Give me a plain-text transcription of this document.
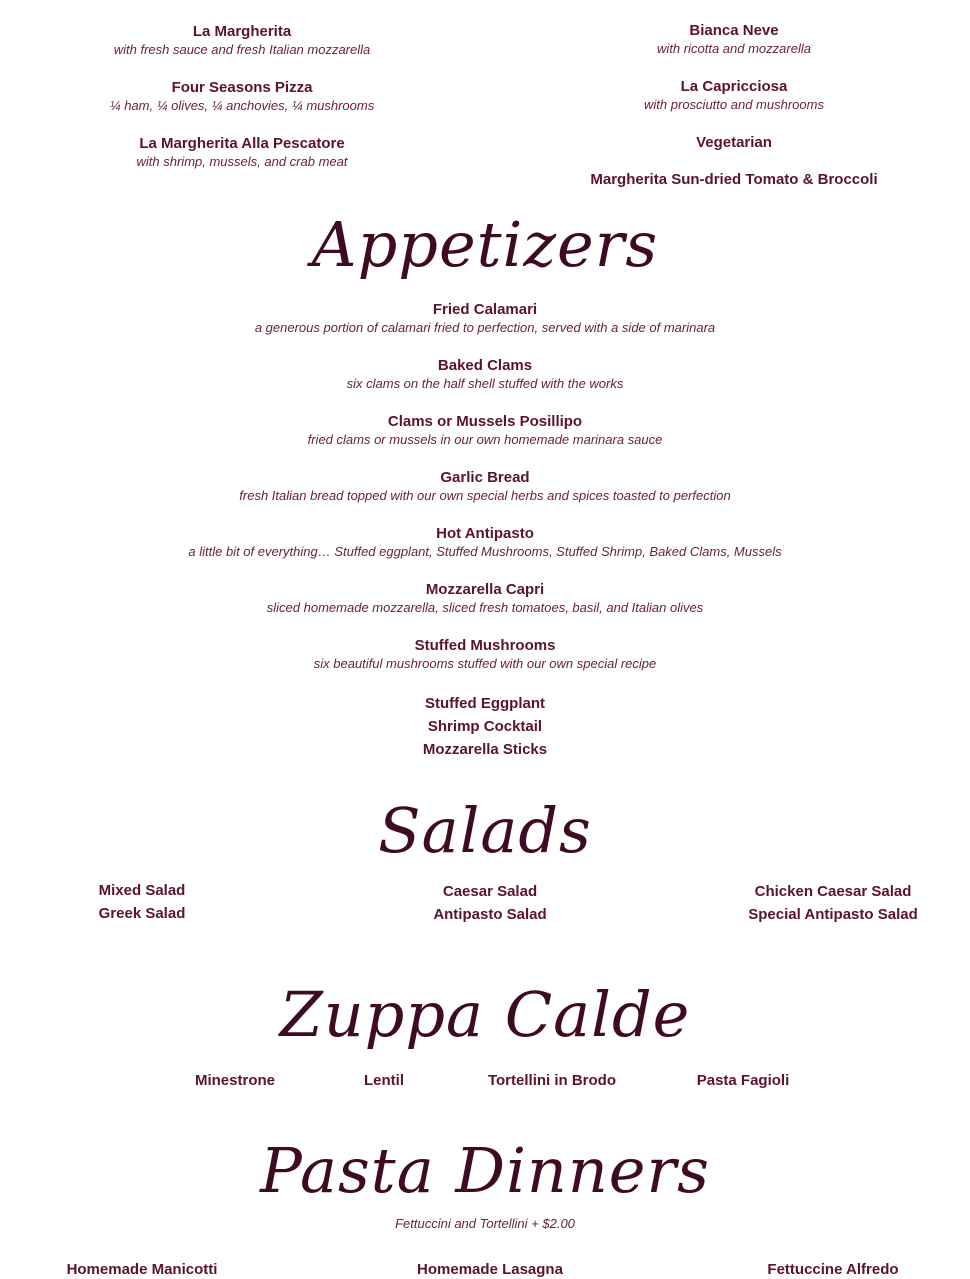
La Margherita
with fresh sauce and fresh Italian mozzarella
Four Seasons Pizza
¼ ham, ¼ olives, ¼ anchovies, ¼ mushrooms
La Margherita Alla Pescatore
with shrimp, mussels, and crab meat
Bianca Neve
with ricotta and mozzarella
La Capricciosa
with prosciutto and mushrooms
Vegetarian
Margherita Sun-dried Tomato & Broccoli
Appetizers
Fried Calamari
a generous portion of calamari fried to perfection, served with a side of marinara
Baked Clams
six clams on the half shell stuffed with the works
Clams or Mussels Posillipo
fried clams or mussels in our own homemade marinara sauce
Garlic Bread
fresh Italian bread topped with our own special herbs and spices toasted to perfection
Hot Antipasto
a little bit of everything… Stuffed eggplant, Stuffed Mushrooms, Stuffed Shrimp, Baked Clams, Mussels
Mozzarella Capri
sliced homemade mozzarella, sliced fresh tomatoes, basil, and Italian olives
Stuffed Mushrooms
six beautiful mushrooms stuffed with our own special recipe
Stuffed Eggplant
Shrimp Cocktail
Mozzarella Sticks
Salads
Mixed Salad
Greek Salad
Caesar Salad
Antipasto Salad
Chicken Caesar Salad
Special Antipasto Salad
Zuppa Calde
Minestrone	Lentil	Tortellini in Brodo	Pasta Fagioli
Pasta Dinners
Fettuccini and Tortellini + $2.00
Homemade Manicotti	Homemade Lasagna	Fettuccine Alfredo
